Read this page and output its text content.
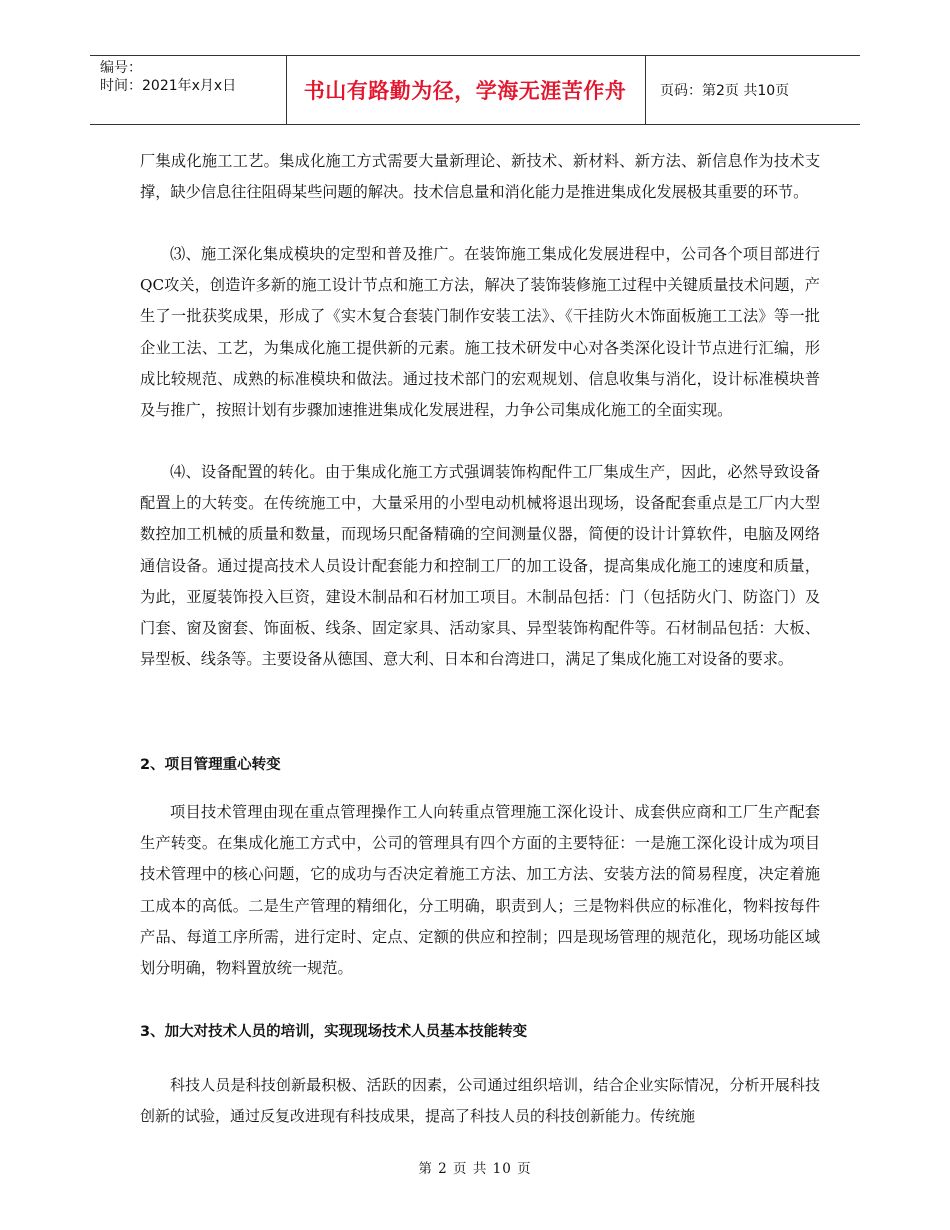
编号：
时间：2021年x月x日	书山有路勤为径，学海无涯苦作舟	页码：第2页 共10页

厂集成化施工工艺。集成化施工方式需要大量新理论、新技术、新材料、新方法、新信息作为技术支撑，缺少信息往往阻碍某些问题的解决。技术信息量和消化能力是推进集成化发展极其重要的环节。

⑶、施工深化集成模块的定型和普及推广。在装饰施工集成化发展进程中，公司各个项目部进行QC攻关，创造许多新的施工设计节点和施工方法，解决了装饰装修施工过程中关键质量技术问题，产生了一批获奖成果，形成了《实木复合套装门制作安装工法》、《干挂防火木饰面板施工工法》等一批企业工法、工艺，为集成化施工提供新的元素。施工技术研发中心对各类深化设计节点进行汇编，形成比较规范、成熟的标准模块和做法。通过技术部门的宏观规划、信息收集与消化，设计标准模块普及与推广，按照计划有步骤加速推进集成化发展进程，力争公司集成化施工的全面实现。

⑷、设备配置的转化。由于集成化施工方式强调装饰构配件工厂集成生产，因此，必然导致设备配置上的大转变。在传统施工中，大量采用的小型电动机械将退出现场，设备配套重点是工厂内大型数控加工机械的质量和数量，而现场只配备精确的空间测量仪器，简便的设计计算软件，电脑及网络通信设备。通过提高技术人员设计配套能力和控制工厂的加工设备，提高集成化施工的速度和质量，为此，亚厦装饰投入巨资，建设木制品和石材加工项目。木制品包括：门（包括防火门、防盗门）及门套、窗及窗套、饰面板、线条、固定家具、活动家具、异型装饰构配件等。石材制品包括：大板、异型板、线条等。主要设备从德国、意大利、日本和台湾进口，满足了集成化施工对设备的要求。

2、项目管理重心转变

项目技术管理由现在重点管理操作工人向转重点管理施工深化设计、成套供应商和工厂生产配套生产转变。在集成化施工方式中，公司的管理具有四个方面的主要特征：一是施工深化设计成为项目技术管理中的核心问题，它的成功与否决定着施工方法、加工方法、安装方法的简易程度，决定着施工成本的高低。二是生产管理的精细化，分工明确，职责到人；三是物料供应的标准化，物料按每件产品、每道工序所需，进行定时、定点、定额的供应和控制；四是现场管理的规范化，现场功能区域划分明确，物料置放统一规范。

3、加大对技术人员的培训，实现现场技术人员基本技能转变

科技人员是科技创新最积极、活跃的因素，公司通过组织培训，结合企业实际情况，分析开展科技创新的试验，通过反复改进现有科技成果，提高了科技人员的科技创新能力。传统施

第 2 页 共 10 页
